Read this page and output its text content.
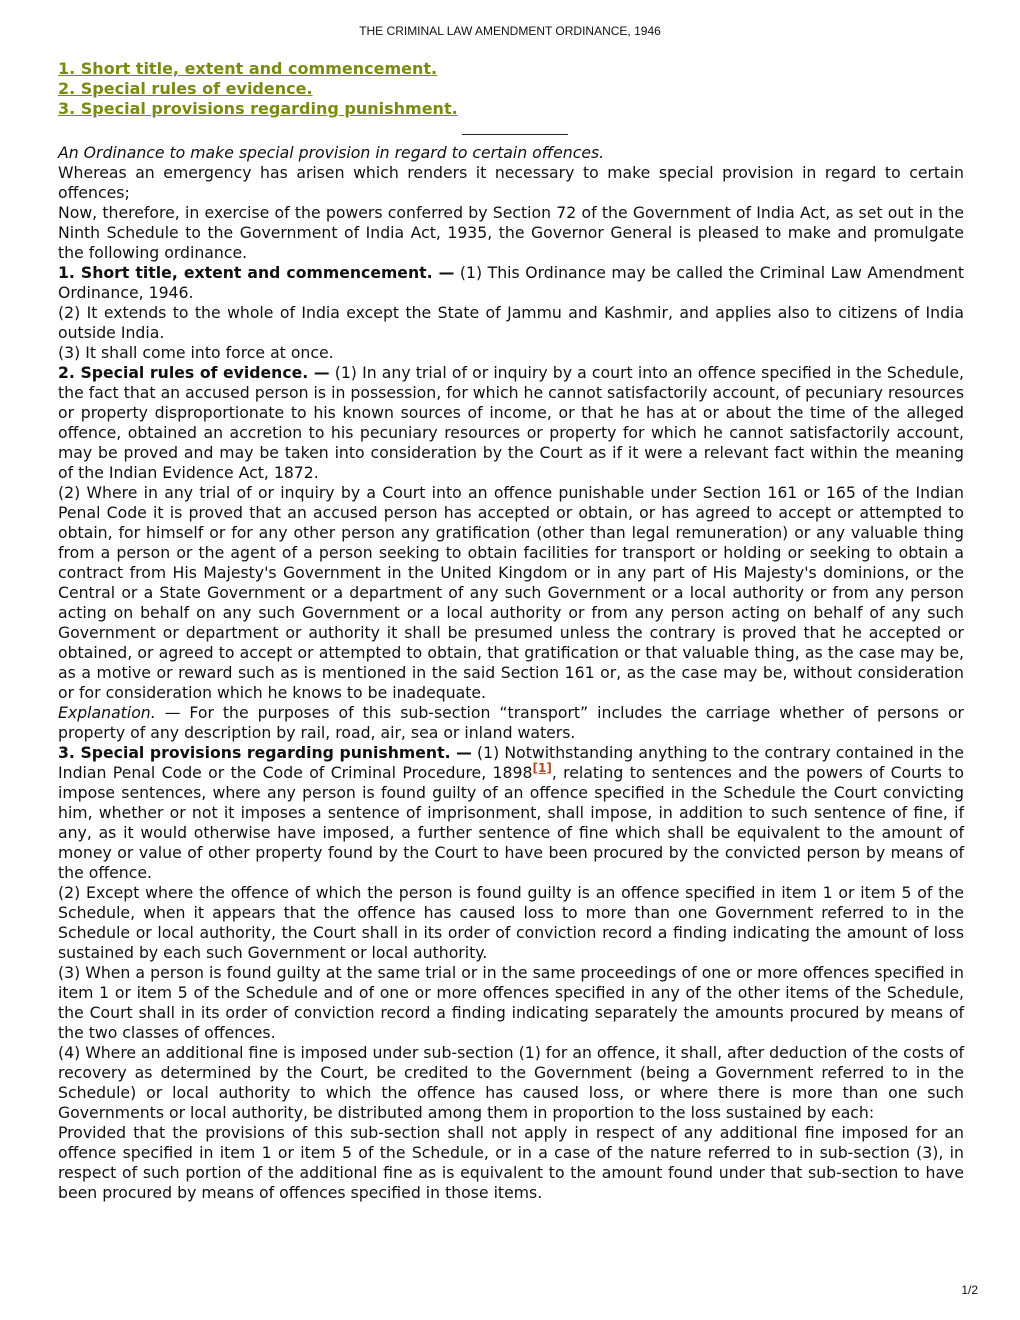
THE CRIMINAL LAW AMENDMENT ORDINANCE, 1946
1. Short title, extent and commencement.
2. Special rules of evidence.
3. Special provisions regarding punishment.

An Ordinance to make special provision in regard to certain offences.

Whereas an emergency has arisen which renders it necessary to make special provision in regard to certain offences;

Now, therefore, in exercise of the powers conferred by Section 72 of the Government of India Act, as set out in the Ninth Schedule to the Government of India Act, 1935, the Governor General is pleased to make and promulgate the following ordinance.

1. Short title, extent and commencement. — (1) This Ordinance may be called the Criminal Law Amendment Ordinance, 1946.

(2) It extends to the whole of India except the State of Jammu and Kashmir, and applies also to citizens of India outside India.

(3) It shall come into force at once.

2. Special rules of evidence. — (1) In any trial of or inquiry by a court into an offence specified in the Schedule, the fact that an accused person is in possession, for which he cannot satisfactorily account, of pecuniary resources or property disproportionate to his known sources of income, or that he has at or about the time of the alleged offence, obtained an accretion to his pecuniary resources or property for which he cannot satisfactorily account, may be proved and may be taken into consideration by the Court as if it were a relevant fact within the meaning of the Indian Evidence Act, 1872.

(2) Where in any trial of or inquiry by a Court into an offence punishable under Section 161 or 165 of the Indian Penal Code it is proved that an accused person has accepted or obtain, or has agreed to accept or attempted to obtain, for himself or for any other person any gratification (other than legal remuneration) or any valuable thing from a person or the agent of a person seeking to obtain facilities for transport or holding or seeking to obtain a contract from His Majesty's Government in the United Kingdom or in any part of His Majesty's dominions, or the Central or a State Government or a department of any such Government or a local authority or from any person acting on behalf on any such Government or a local authority or from any person acting on behalf of any such Government or department or authority it shall be presumed unless the contrary is proved that he accepted or obtained, or agreed to accept or attempted to obtain, that gratification or that valuable thing, as the case may be, as a motive or reward such as is mentioned in the said Section 161 or, as the case may be, without consideration or for consideration which he knows to be inadequate.

Explanation. — For the purposes of this sub-section “transport” includes the carriage whether of persons or property of any description by rail, road, air, sea or inland waters.

3. Special provisions regarding punishment. — (1) Notwithstanding anything to the contrary contained in the Indian Penal Code or the Code of Criminal Procedure, 1898[1], relating to sentences and the powers of Courts to impose sentences, where any person is found guilty of an offence specified in the Schedule the Court convicting him, whether or not it imposes a sentence of imprisonment, shall impose, in addition to such sentence of fine, if any, as it would otherwise have imposed, a further sentence of fine which shall be equivalent to the amount of money or value of other property found by the Court to have been procured by the convicted person by means of the offence.

(2) Except where the offence of which the person is found guilty is an offence specified in item 1 or item 5 of the Schedule, when it appears that the offence has caused loss to more than one Government referred to in the Schedule or local authority, the Court shall in its order of conviction record a finding indicating the amount of loss sustained by each such Government or local authority.

(3) When a person is found guilty at the same trial or in the same proceedings of one or more offences specified in item 1 or item 5 of the Schedule and of one or more offences specified in any of the other items of the Schedule, the Court shall in its order of conviction record a finding indicating separately the amounts procured by means of the two classes of offences.

(4) Where an additional fine is imposed under sub-section (1) for an offence, it shall, after deduction of the costs of recovery as determined by the Court, be credited to the Government (being a Government referred to in the Schedule) or local authority to which the offence has caused loss, or where there is more than one such Governments or local authority, be distributed among them in proportion to the loss sustained by each:

Provided that the provisions of this sub-section shall not apply in respect of any additional fine imposed for an offence specified in item 1 or item 5 of the Schedule, or in a case of the nature referred to in sub-section (3), in respect of such portion of the additional fine as is equivalent to the amount found under that sub-section to have been procured by means of offences specified in those items.

1/2
